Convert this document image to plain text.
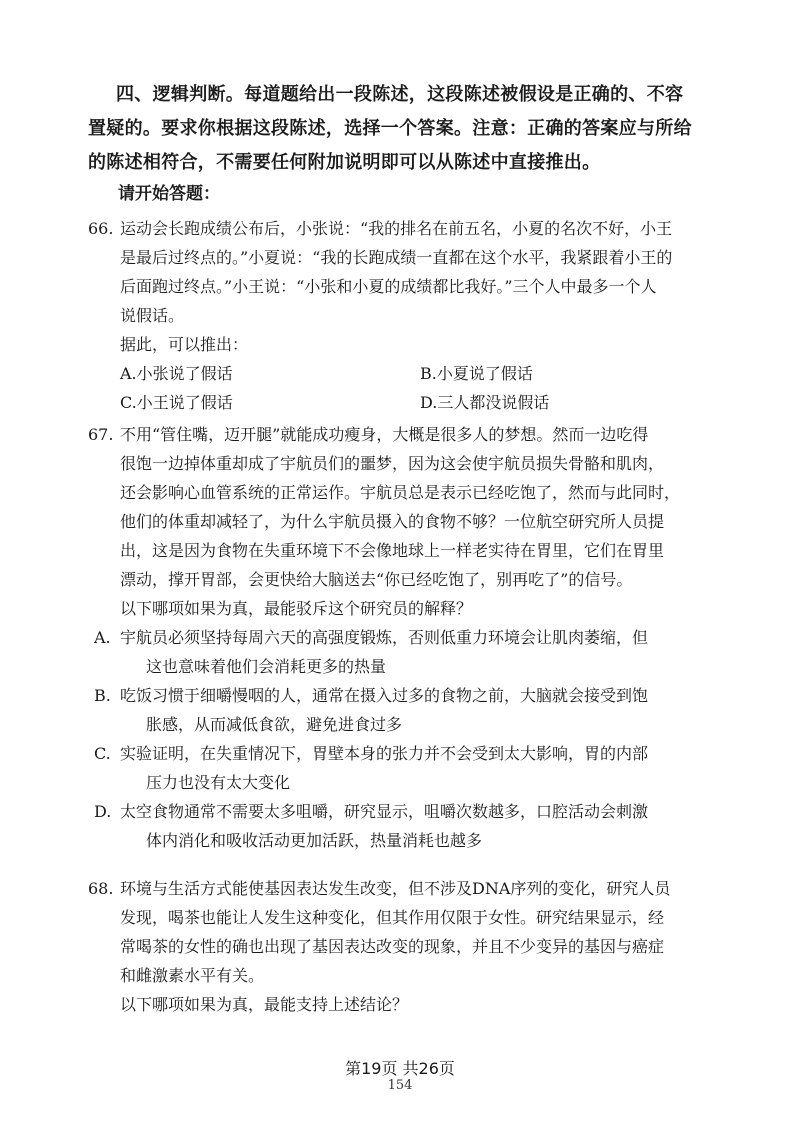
四、逻辑判断。每道题给出一段陈述，这段陈述被假设是正确的、不容
置疑的。要求你根据这段陈述，选择一个答案。注意：正确的答案应与所给
的陈述相符合，不需要任何附加说明即可以从陈述中直接推出。
请开始答题：
66. 运动会长跑成绩公布后，小张说：“我的排名在前五名，小夏的名次不好，小王
是最后过终点的。”小夏说：“我的长跑成绩一直都在这个水平，我紧跟着小王的
后面跑过终点。”小王说：“小张和小夏的成绩都比我好。”三个人中最多一个人
说假话。
据此，可以推出：
A.小张说了假话	B.小夏说了假话
C.小王说了假话	D.三人都没说假话
67. 不用“管住嘴，迈开腿”就能成功瘦身，大概是很多人的梦想。然而一边吃得
很饱一边掉体重却成了宇航员们的噩梦，因为这会使宇航员损失骨骼和肌肉，
还会影响心血管系统的正常运作。宇航员总是表示已经吃饱了，然而与此同时，
他们的体重却减轻了，为什么宇航员摄入的食物不够？一位航空研究所人员提
出，这是因为食物在失重环境下不会像地球上一样老实待在胃里，它们在胃里
漂动，撑开胃部，会更快给大脑送去“你已经吃饱了，别再吃了”的信号。
以下哪项如果为真，最能驳斥这个研究员的解释？
A. 宇航员必须坚持每周六天的高强度锻炼，否则低重力环境会让肌肉萎缩，但
这也意味着他们会消耗更多的热量
B. 吃饭习惯于细嚼慢咽的人，通常在摄入过多的食物之前，大脑就会接受到饱
胀感，从而减低食欲，避免进食过多
C. 实验证明，在失重情况下，胃壁本身的张力并不会受到太大影响，胃的内部
压力也没有太大变化
D. 太空食物通常不需要太多咀嚼，研究显示，咀嚼次数越多，口腔活动会刺激
体内消化和吸收活动更加活跃，热量消耗也越多
68. 环境与生活方式能使基因表达发生改变，但不涉及DNA序列的变化，研究人员
发现，喝茶也能让人发生这种变化，但其作用仅限于女性。研究结果显示，经
常喝茶的女性的确也出现了基因表达改变的现象，并且不少变异的基因与癌症
和雌激素水平有关。
以下哪项如果为真，最能支持上述结论？
第19页 共26页
154
